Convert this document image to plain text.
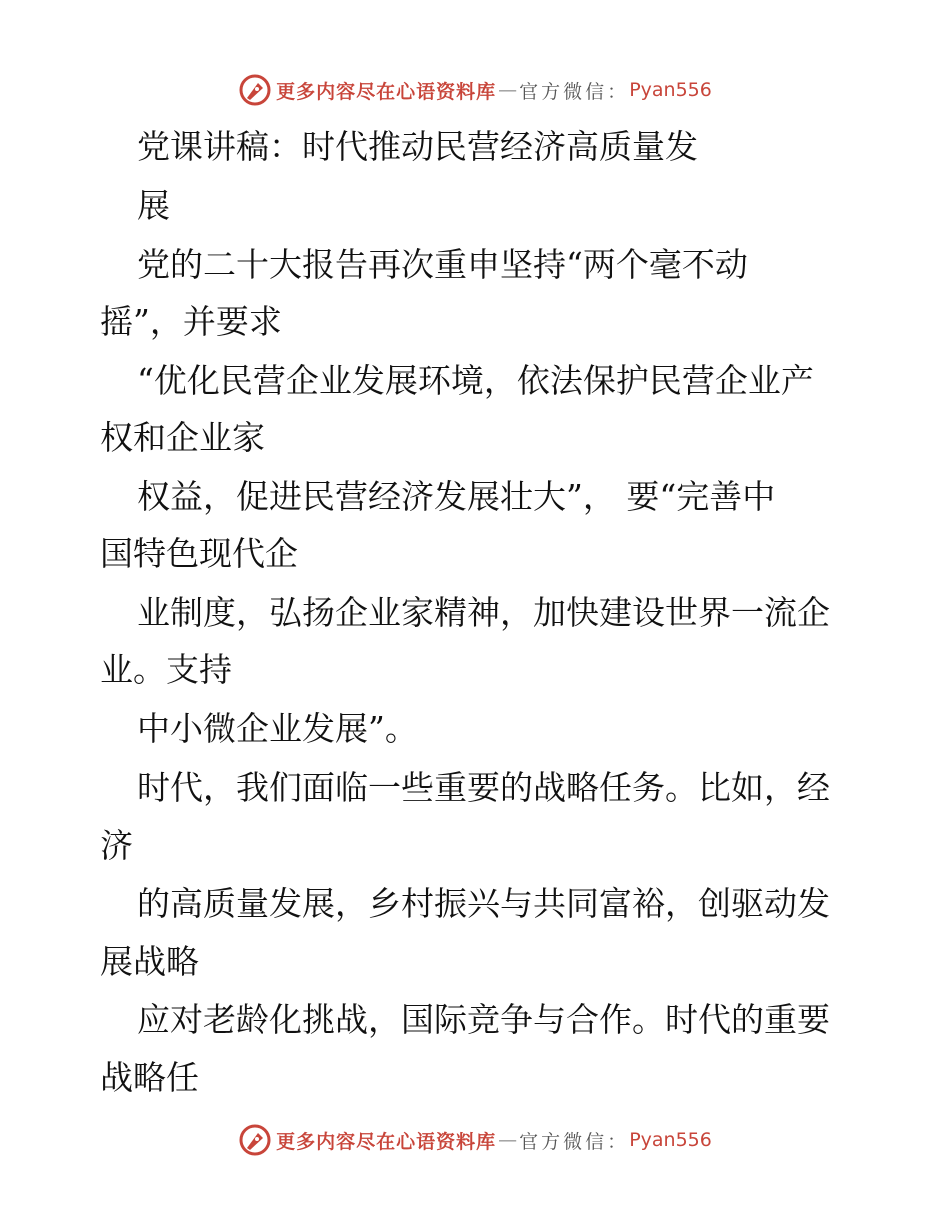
更多内容尽在心语资料库 — 官方微信： Pyan556
党课讲稿：时代推动民营经济高质量发
展
党的二十大报告再次重申坚持“两个毫不动
摇”，并要求
“优化民营企业发展环境，依法保护民营企业产
权和企业家
权益，促进民营经济发展壮大”， 要“完善中
国特色现代企
业制度，弘扬企业家精神，加快建设世界一流企
业。支持
中小微企业发展”。
时代，我们面临一些重要的战略任务。比如，经
济
的高质量发展，乡村振兴与共同富裕，创驱动发
展战略
应对老龄化挑战，国际竞争与合作。时代的重要
战略任
更多内容尽在心语资料库 — 官方微信： Pyan556
